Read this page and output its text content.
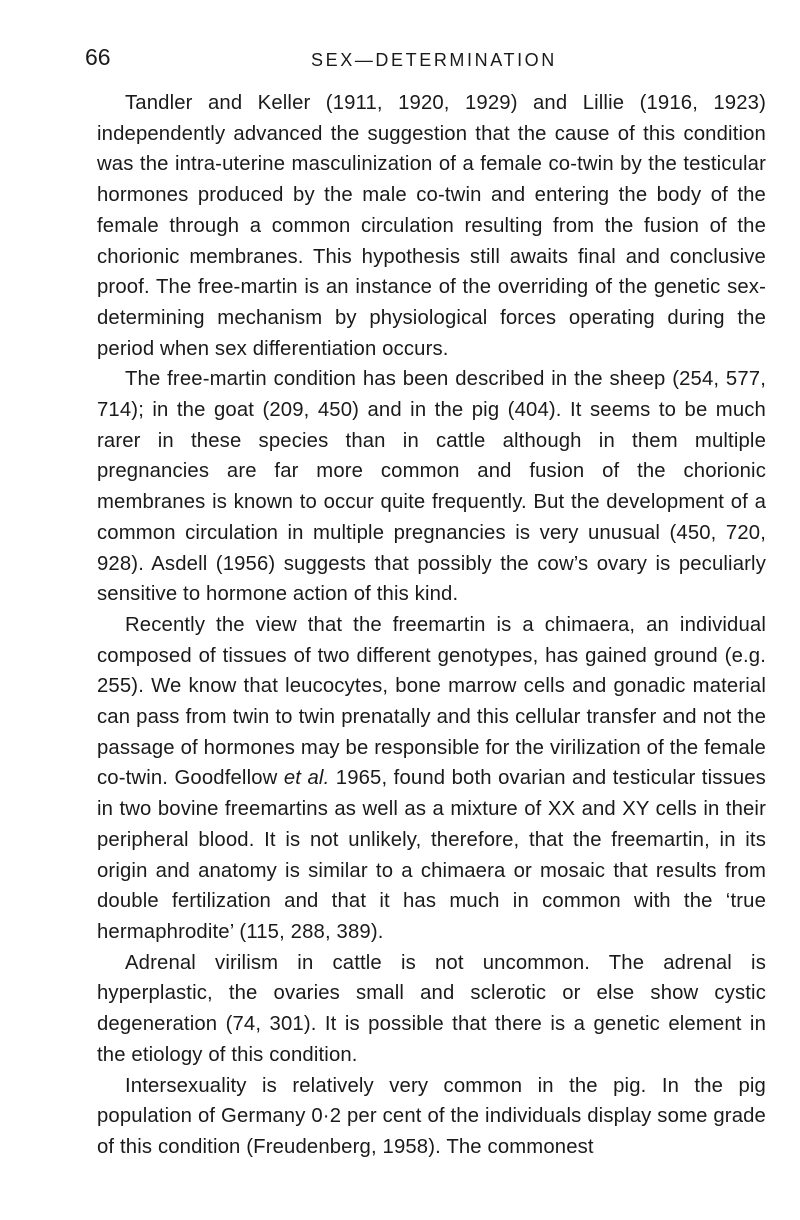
66	SEX—DETERMINATION

Tandler and Keller (1911, 1920, 1929) and Lillie (1916, 1923) independently advanced the suggestion that the cause of this condition was the intra-uterine masculinization of a female co-twin by the testicular hormones produced by the male co-twin and entering the body of the female through a common circulation resulting from the fusion of the chorionic membranes. This hypothesis still awaits final and conclusive proof. The free-martin is an instance of the overriding of the genetic sex-determining mechanism by physiological forces operating during the period when sex differentiation occurs.

The free-martin condition has been described in the sheep (254, 577, 714); in the goat (209, 450) and in the pig (404). It seems to be much rarer in these species than in cattle although in them multiple pregnancies are far more common and fusion of the chorionic membranes is known to occur quite frequently. But the development of a common circulation in multiple pregnancies is very unusual (450, 720, 928). Asdell (1956) suggests that possibly the cow’s ovary is peculiarly sensitive to hormone action of this kind.

Recently the view that the freemartin is a chimaera, an individual composed of tissues of two different genotypes, has gained ground (e.g. 255). We know that leucocytes, bone marrow cells and gonadic material can pass from twin to twin prenatally and this cellular transfer and not the passage of hormones may be responsible for the virilization of the female co-twin. Goodfellow et al. 1965, found both ovarian and testicular tissues in two bovine freemartins as well as a mixture of XX and XY cells in their peripheral blood. It is not unlikely, therefore, that the freemartin, in its origin and anatomy is similar to a chimaera or mosaic that results from double fertilization and that it has much in common with the ‘true hermaphrodite’ (115, 288, 389).

Adrenal virilism in cattle is not uncommon. The adrenal is hyperplastic, the ovaries small and sclerotic or else show cystic degeneration (74, 301). It is possible that there is a genetic element in the etiology of this condition.

Intersexuality is relatively very common in the pig. In the pig population of Germany 0·2 per cent of the individuals display some grade of this condition (Freudenberg, 1958). The commonest
